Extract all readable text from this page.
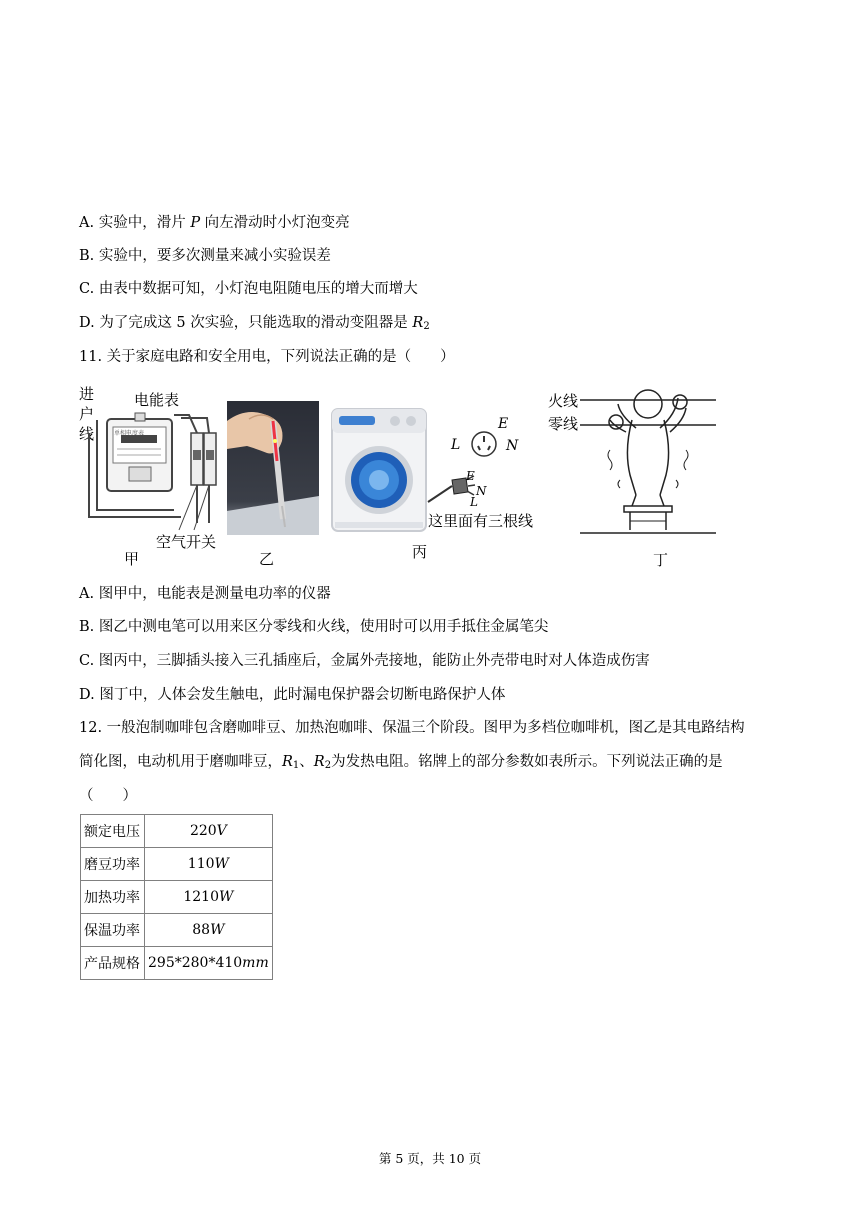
A. 实验中，滑片 P 向左滑动时小灯泡变亮
B. 实验中，要多次测量来减小实验误差
C. 由表中数据可知，小灯泡电阻随电压的增大而增大
D. 为了完成这 5 次实验，只能选取的滑动变阻器是 $R_2$
11. 关于家庭电路和安全用电，下列说法正确的是（　　）
进
户
线
电能表
单相电度表
空气开关
甲	乙
E
L	N
E
N
L
这里面有三根线
丙
火线
零线
丁
A. 图甲中，电能表是测量电功率的仪器
B. 图乙中测电笔可以用来区分零线和火线，使用时可以用手抵住金属笔尖
C. 图丙中，三脚插头接入三孔插座后，金属外壳接地，能防止外壳带电时对人体造成伤害
D. 图丁中，人体会发生触电，此时漏电保护器会切断电路保护人体
12. 一般泡制咖啡包含磨咖啡豆、加热泡咖啡、保温三个阶段。图甲为多档位咖啡机，图乙是其电路结构
简化图，电动机用于磨咖啡豆，$R_1$、$R_2$为发热电阻。铭牌上的部分参数如表所示。下列说法正确的是
（　　）
额定电压	220V
磨豆功率	110W
加热功率	1210W
保温功率	88W
产品规格	295*280*410mm
第 5 页，共 10 页
